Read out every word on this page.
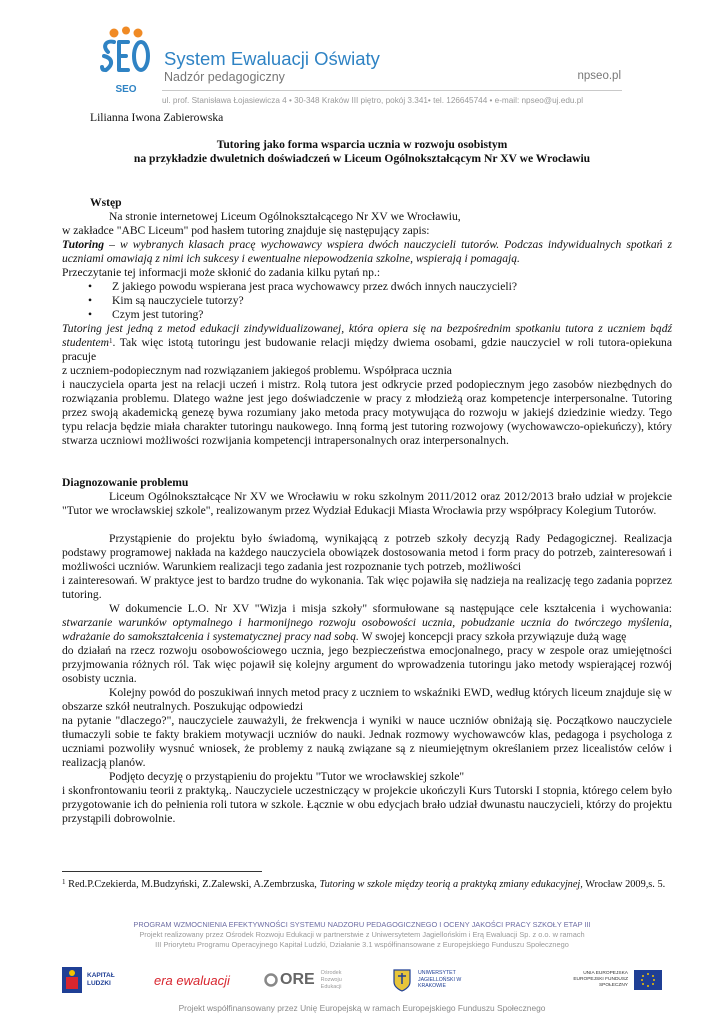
SEO
System Ewaluacji Oświaty
Nadzór pedagogiczny	npseo.pl
ul. prof. Stanisława Łojasiewicza 4 • 30-348 Kraków III piętro, pokój 3.341• tel. 126645744 • e-mail: npseo@uj.edu.pl
Lilianna Iwona Zabierowska
Tutoring jako forma wsparcia ucznia w rozwoju osobistym
na przykładzie dwuletnich doświadczeń w Liceum Ogólnokształcącym Nr XV we Wrocławiu
Wstęp
Na stronie internetowej Liceum Ogólnokształcącego Nr XV we Wrocławiu,
w zakładce "ABC Liceum" pod hasłem tutoring znajduje się następujący zapis:
Tutoring – w wybranych klasach pracę wychowawcy wspiera dwóch nauczycieli tutorów. Podczas indywidualnych spotkań z uczniami omawiają z nimi ich sukcesy i ewentualne niepowodzenia szkolne, wspierają i pomagają.
Przeczytanie tej informacji może skłonić do zadania kilku pytań np.:
• Z jakiego powodu wspierana jest praca wychowawcy przez dwóch innych nauczycieli?
• Kim są nauczyciele tutorzy?
• Czym jest tutoring?
Tutoring jest jedną z metod edukacji zindywidualizowanej, która opiera się na bezpośrednim spotkaniu tutora z uczniem bądź studentem$^1$. Tak więc istotą tutoringu jest budowanie relacji między dwiema osobami, gdzie nauczyciel w roli tutora-opiekuna pracuje
z uczniem-podopiecznym nad rozwiązaniem jakiegoś problemu. Współpraca ucznia
i nauczyciela oparta jest na relacji uczeń i mistrz. Rolą tutora jest odkrycie przed podopiecznym jego zasobów niezbędnych do rozwiązania problemu. Dlatego ważne jest jego doświadczenie w pracy z młodzieżą oraz kompetencje interpersonalne. Tutoring przez swoją akademicką genezę bywa rozumiany jako metoda pracy motywująca do rozwoju w jakiejś dziedzinie wiedzy. Tego typu relacja będzie miała charakter tutoringu naukowego. Inną formą jest tutoring rozwojowy (wychowawczo-opiekuńczy), który stwarza uczniowi możliwości rozwijania kompetencji intrapersonalnych oraz interpersonalnych.
Diagnozowanie problemu
Liceum Ogólnokształcące Nr XV we Wrocławiu w roku szkolnym 2011/2012 oraz 2012/2013 brało udział w projekcie "Tutor we wrocławskiej szkole", realizowanym przez Wydział Edukacji Miasta Wrocławia przy współpracy Kolegium Tutorów.
Przystąpienie do projektu było świadomą, wynikającą z potrzeb szkoły decyzją Rady Pedagogicznej. Realizacja podstawy programowej nakłada na każdego nauczyciela obowiązek dostosowania metod i form pracy do potrzeb, zainteresowań i możliwości uczniów. Warunkiem realizacji tego zadania jest rozpoznanie tych potrzeb, możliwości
i zainteresowań. W praktyce jest to bardzo trudne do wykonania. Tak więc pojawiła się nadzieja na realizację tego zadania poprzez tutoring.
W dokumencie L.O. Nr XV "Wizja i misja szkoły" sformułowane są następujące cele kształcenia i wychowania: stwarzanie warunków optymalnego i harmonijnego rozwoju osobowości ucznia, pobudzanie ucznia do twórczego myślenia, wdrażanie do samokształcenia i systematycznej pracy nad sobą. W swojej koncepcji pracy szkoła przywiązuje dużą wagę
do działań na rzecz rozwoju osobowościowego ucznia, jego bezpieczeństwa emocjonalnego, pracy w zespole oraz umiejętności przyjmowania różnych ról. Tak więc pojawił się kolejny argument do wprowadzenia tutoringu jako metody wspierającej rozwój osobisty ucznia.
Kolejny powód do poszukiwań innych metod pracy z uczniem to wskaźniki EWD, według których liceum znajduje się w obszarze szkół neutralnych. Poszukując odpowiedzi
na pytanie "dlaczego?", nauczyciele zauważyli, że frekwencja i wyniki w nauce uczniów obniżają się. Początkowo nauczyciele tłumaczyli sobie te fakty brakiem motywacji uczniów do nauki. Jednak rozmowy wychowawców klas, pedagoga i psychologa z uczniami pozwoliły wysnuć wniosek, że problemy z nauką związane są z nieumiejętnym określaniem przez licealistów celów i realizacją planów.
Podjęto decyzję o przystąpieniu do projektu "Tutor we wrocławskiej szkole"
i skonfrontowaniu teorii z praktyką,. Nauczyciele uczestniczący w projekcie ukończyli Kurs Tutorski I stopnia, którego celem było przygotowanie ich do pełnienia roli tutora w szkole. Łącznie w obu edycjach brało udział dwunastu nauczycieli, którzy do projektu przystąpili dobrowolnie.
$^1$ Red.P.Czekierda, M.Budzyński, Z.Zalewski, A.Zembrzuska, Tutoring w szkole między teorią a praktyką zmiany edukacyjnej, Wrocław 2009,s. 5.
PROGRAM WZMOCNIENIA EFEKTYWNOŚCI SYSTEMU NADZORU PEDAGOGICZNEGO I OCENY JAKOŚCI PRACY SZKOŁY ETAP III
Projekt realizowany przez Ośrodek Rozwoju Edukacji w partnerstwie z Uniwersytetem Jagiellońskim i Erą Ewaluacji Sp. z o.o. w ramach
III Priorytetu Programu Operacyjnego Kapitał Ludzki, Działanie 3.1 współfinansowane z Europejskiego Funduszu Społecznego
KAPITAŁ LUDZKI	era ewaluacji	ORE Ośrodek Rozwoju Edukacji
UNIWERSYTET JAGIELLOŃSKI W KRAKOWIE
UNIA EUROPEJSKA EUROPEJSKI FUNDUSZ SPOŁECZNY
Projekt współfinansowany przez Unię Europejską w ramach Europejskiego Funduszu Społecznego
